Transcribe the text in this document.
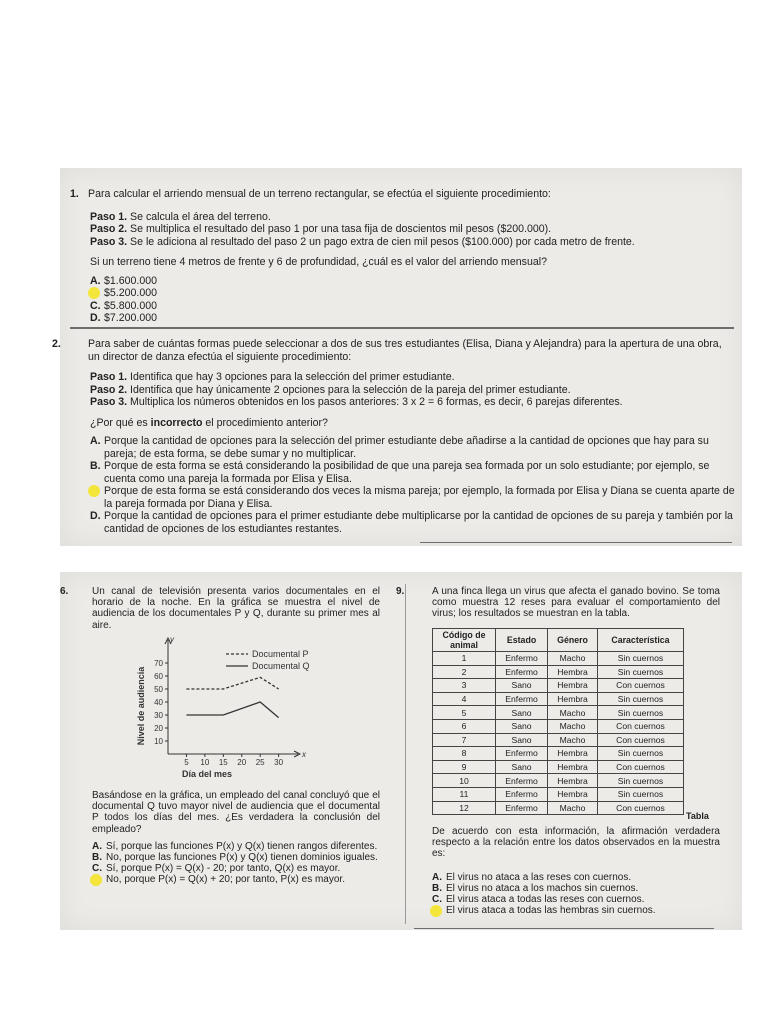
1. Para calcular el arriendo mensual de un terreno rectangular, se efectúa el siguiente procedimiento:
Paso 1. Se calcula el área del terreno.
Paso 2. Se multiplica el resultado del paso 1 por una tasa fija de doscientos mil pesos ($200.000).
Paso 3. Se le adiciona al resultado del paso 2 un pago extra de cien mil pesos ($100.000) por cada metro de frente.
Si un terreno tiene 4 metros de frente y 6 de profundidad, ¿cuál es el valor del arriendo mensual?
A. $1.600.000
$5.200.000
C. $5.800.000
D. $7.200.000
2.	Para saber de cuántas formas puede seleccionar a dos de sus tres estudiantes (Elisa, Diana y Alejandra) para la apertura de una obra, un director de danza efectúa el siguiente procedimiento:
Paso 1. Identifica que hay 3 opciones para la selección del primer estudiante.
Paso 2. Identifica que hay únicamente 2 opciones para la selección de la pareja del primer estudiante.
Paso 3. Multiplica los números obtenidos en los pasos anteriores: 3 x 2 = 6 formas, es decir, 6 parejas diferentes.
¿Por qué es incorrecto el procedimiento anterior?
A. Porque la cantidad de opciones para la selección del primer estudiante debe añadirse a la cantidad de opciones que hay para su pareja; de esta forma, se debe sumar y no multiplicar.
B. Porque de esta forma se está considerando la posibilidad de que una pareja sea formada por un solo estudiante; por ejemplo, se cuenta como una pareja la formada por Elisa y Elisa.
Porque de esta forma se está considerando dos veces la misma pareja; por ejemplo, la formada por Elisa y Diana se cuenta aparte de la pareja formada por Diana y Elisa.
D. Porque la cantidad de opciones para el primer estudiante debe multiplicarse por la cantidad de opciones de su pareja y también por la cantidad de opciones de los estudiantes restantes.
6. Un canal de televisión presenta varios documentales en el horario de la noche. En la gráfica se muestra el nivel de audiencia de los documentales P y Q, durante su primer mes al aire.
y
x
10
20
30
40
50
60
70
5 10 15 20 25 30
Día del mes
Nivel de audiencia
Documental P
Documental Q
Basándose en la gráfica, un empleado del canal concluyó que el documental Q tuvo mayor nivel de audiencia que el documental P todos los días del mes. ¿Es verdadera la conclusión del empleado?
A. Sí, porque las funciones P(x) y Q(x) tienen rangos diferentes.
B. No, porque las funciones P(x) y Q(x) tienen dominios iguales.
C. Sí, porque P(x) = Q(x) - 20; por tanto, Q(x) es mayor.
No, porque P(x) = Q(x) + 20; por tanto, P(x) es mayor.
9.	A una finca llega un virus que afecta el ganado bovino. Se toma como muestra 12 reses para evaluar el comportamiento del virus; los resultados se muestran en la tabla.
Código de animal	Estado	Género	Característica
1	Enfermo	Macho	Sin cuernos
2	Enfermo	Hembra	Sin cuernos
3	Sano	Hembra	Con cuernos
4	Enfermo	Hembra	Sin cuernos
5	Sano	Macho	Sin cuernos
6	Sano	Macho	Con cuernos
7	Sano	Macho	Con cuernos
8	Enfermo	Hembra	Sin cuernos
9	Sano	Hembra	Con cuernos
10	Enfermo	Hembra	Sin cuernos
11	Enfermo	Hembra	Sin cuernos
12	Enfermo	Macho	Con cuernos
Tabla
De acuerdo con esta información, la afirmación verdadera respecto a la relación entre los datos observados en la muestra es:
A. El virus no ataca a las reses con cuernos.
B. El virus no ataca a los machos sin cuernos.
C. El virus ataca a todas las reses con cuernos.
El virus ataca a todas las hembras sin cuernos.
